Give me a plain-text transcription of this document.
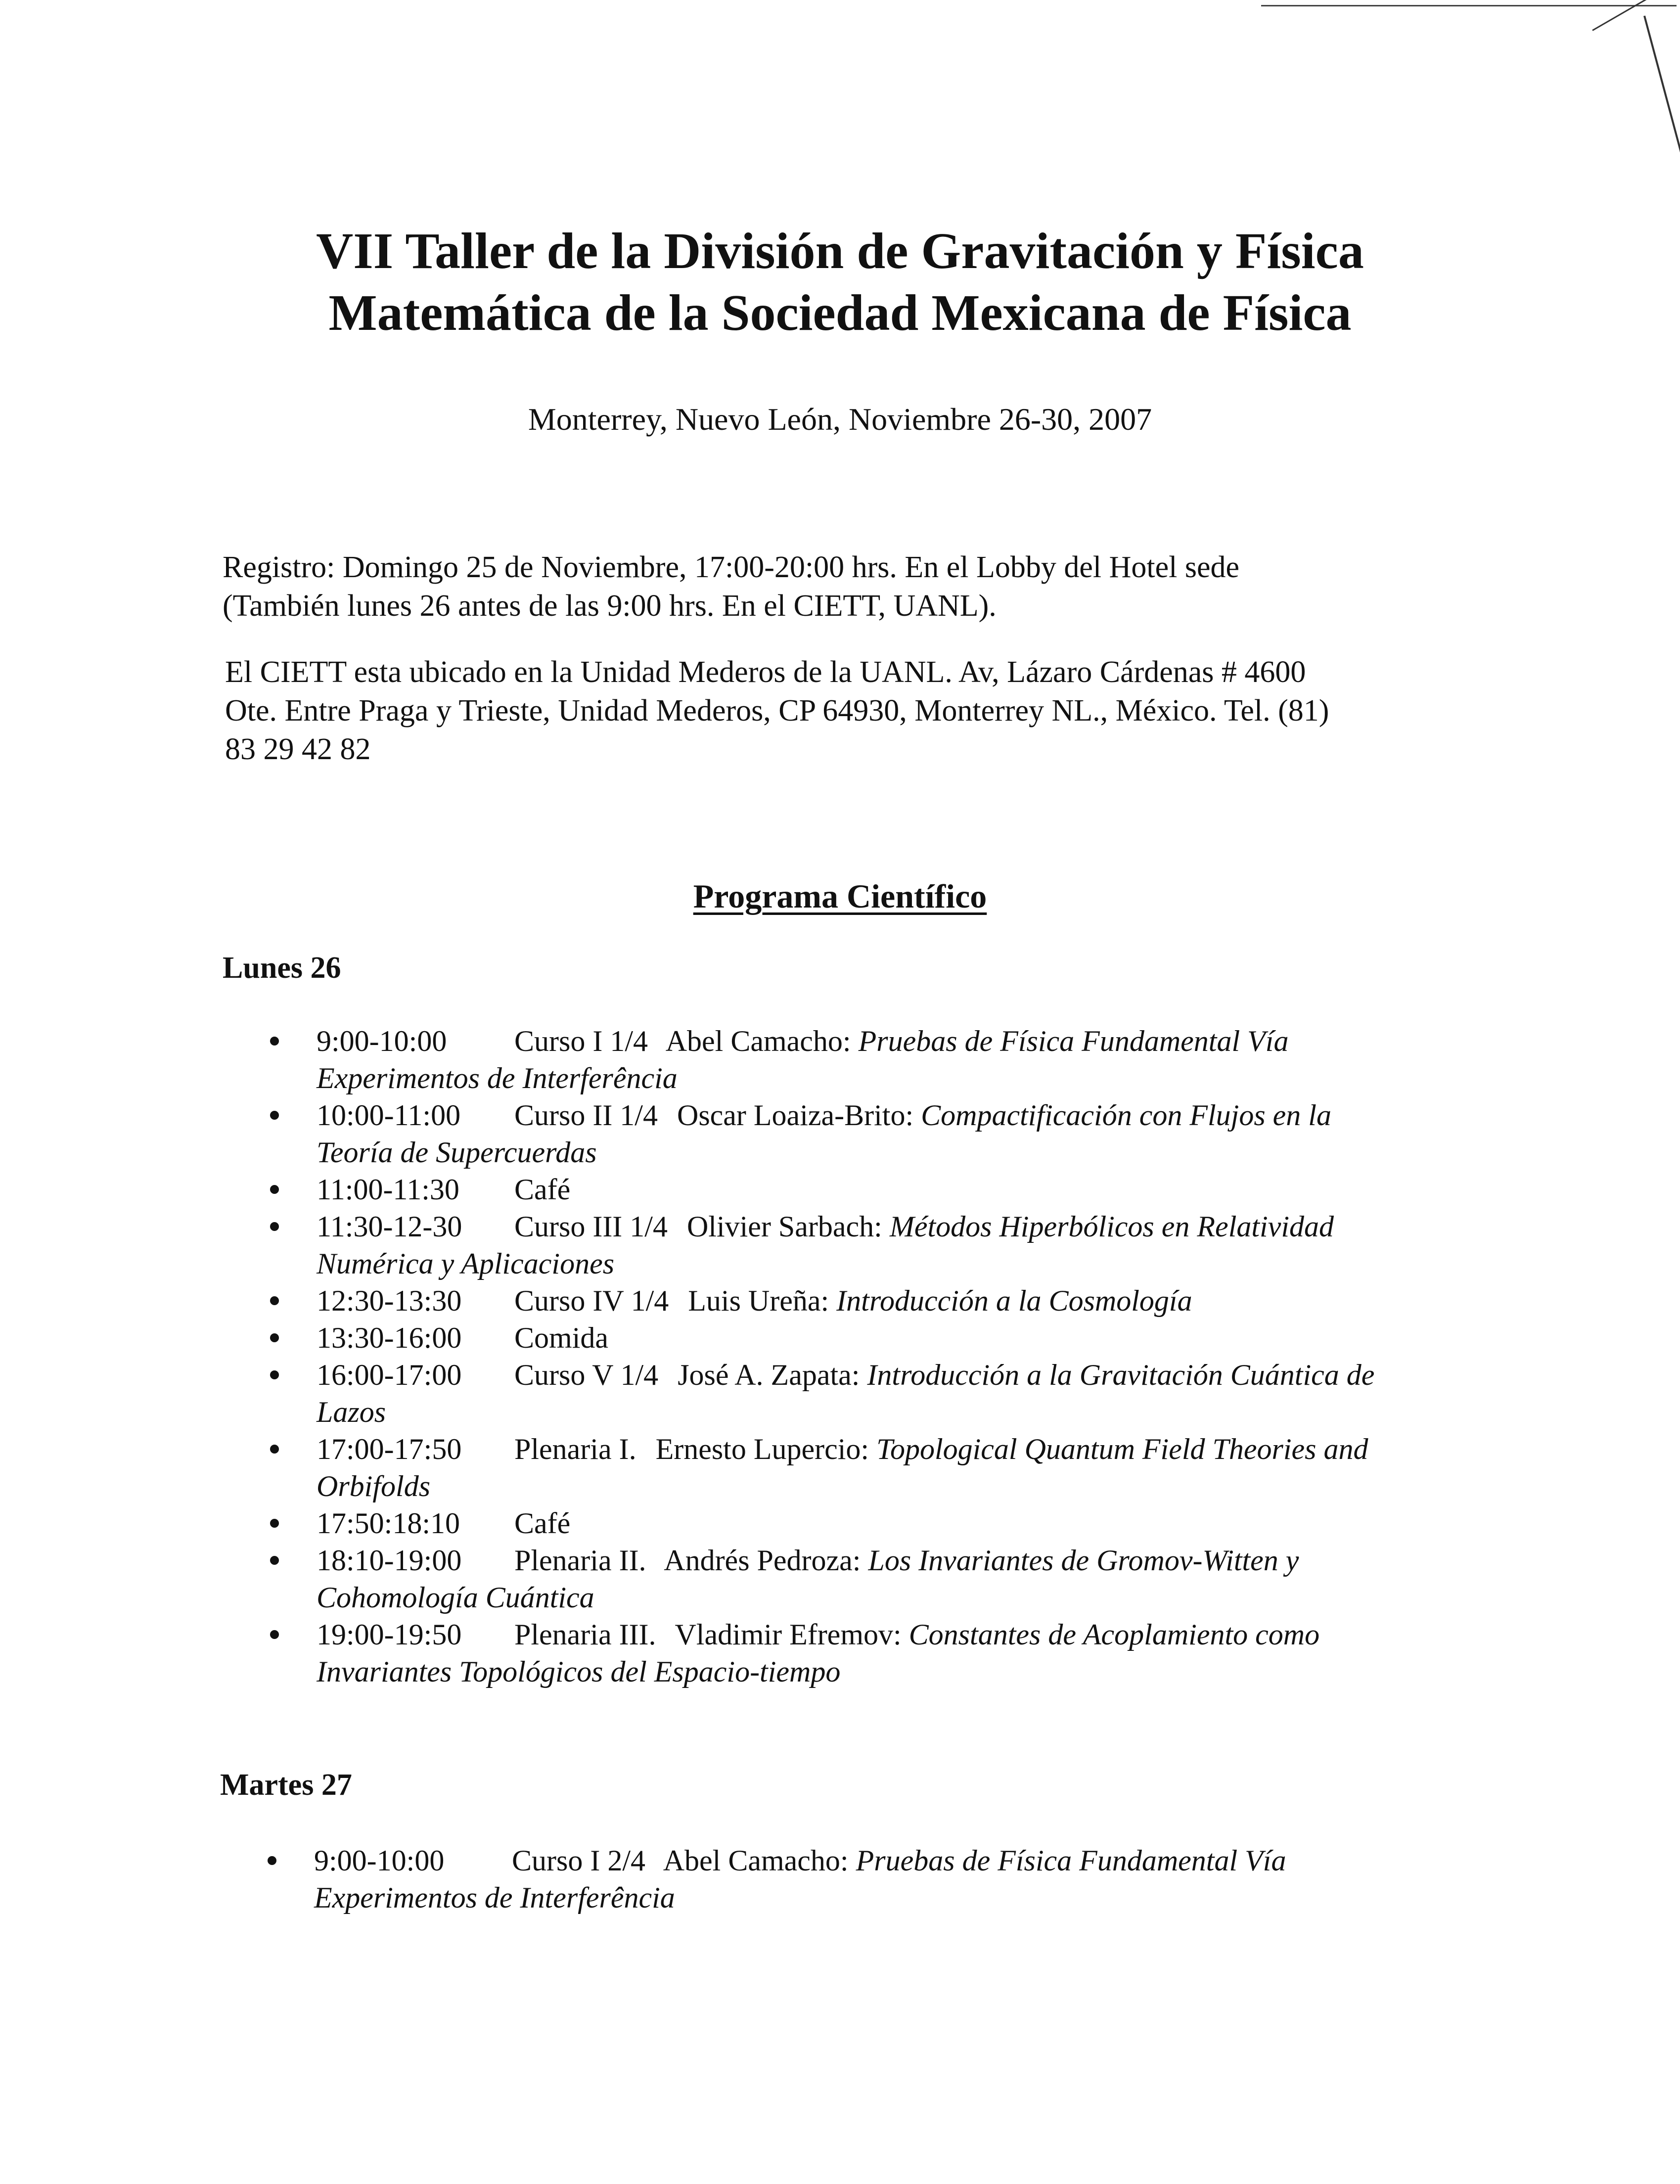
VII Taller de la División de Gravitación y Física
Matemática de la Sociedad Mexicana de Física
Monterrey, Nuevo León, Noviembre 26-30, 2007

Registro: Domingo 25 de Noviembre, 17:00-20:00 hrs. En el Lobby del Hotel sede
(También lunes 26 antes de las 9:00 hrs. En el CIETT, UANL).

El CIETT esta ubicado en la Unidad Mederos de la UANL. Av, Lázaro Cárdenas # 4600
Ote. Entre Praga y Trieste, Unidad Mederos, CP 64930, Monterrey NL., México. Tel. (81)
83 29 42 82

Programa Científico
Lunes 26
9:00-10:00 Curso I 1/4 Abel Camacho: Pruebas de Física Fundamental Vía Experimentos de Interferência
10:00-11:00 Curso II 1/4 Oscar Loaiza-Brito: Compactificación con Flujos en la Teoría de Supercuerdas
11:00-11:30 Café
11:30-12-30 Curso III 1/4 Olivier Sarbach: Métodos Hiperbólicos en Relatividad Numérica y Aplicaciones
12:30-13:30 Curso IV 1/4 Luis Ureña: Introducción a la Cosmología
13:30-16:00 Comida
16:00-17:00 Curso V 1/4 José A. Zapata: Introducción a la Gravitación Cuántica de Lazos
17:00-17:50 Plenaria I. Ernesto Lupercio: Topological Quantum Field Theories and Orbifolds
17:50:18:10 Café
18:10-19:00 Plenaria II. Andrés Pedroza: Los Invariantes de Gromov-Witten y Cohomología Cuántica
19:00-19:50 Plenaria III. Vladimir Efremov: Constantes de Acoplamiento como Invariantes Topológicos del Espacio-tiempo
Martes 27
9:00-10:00 Curso I 2/4 Abel Camacho: Pruebas de Física Fundamental Vía Experimentos de Interferência
